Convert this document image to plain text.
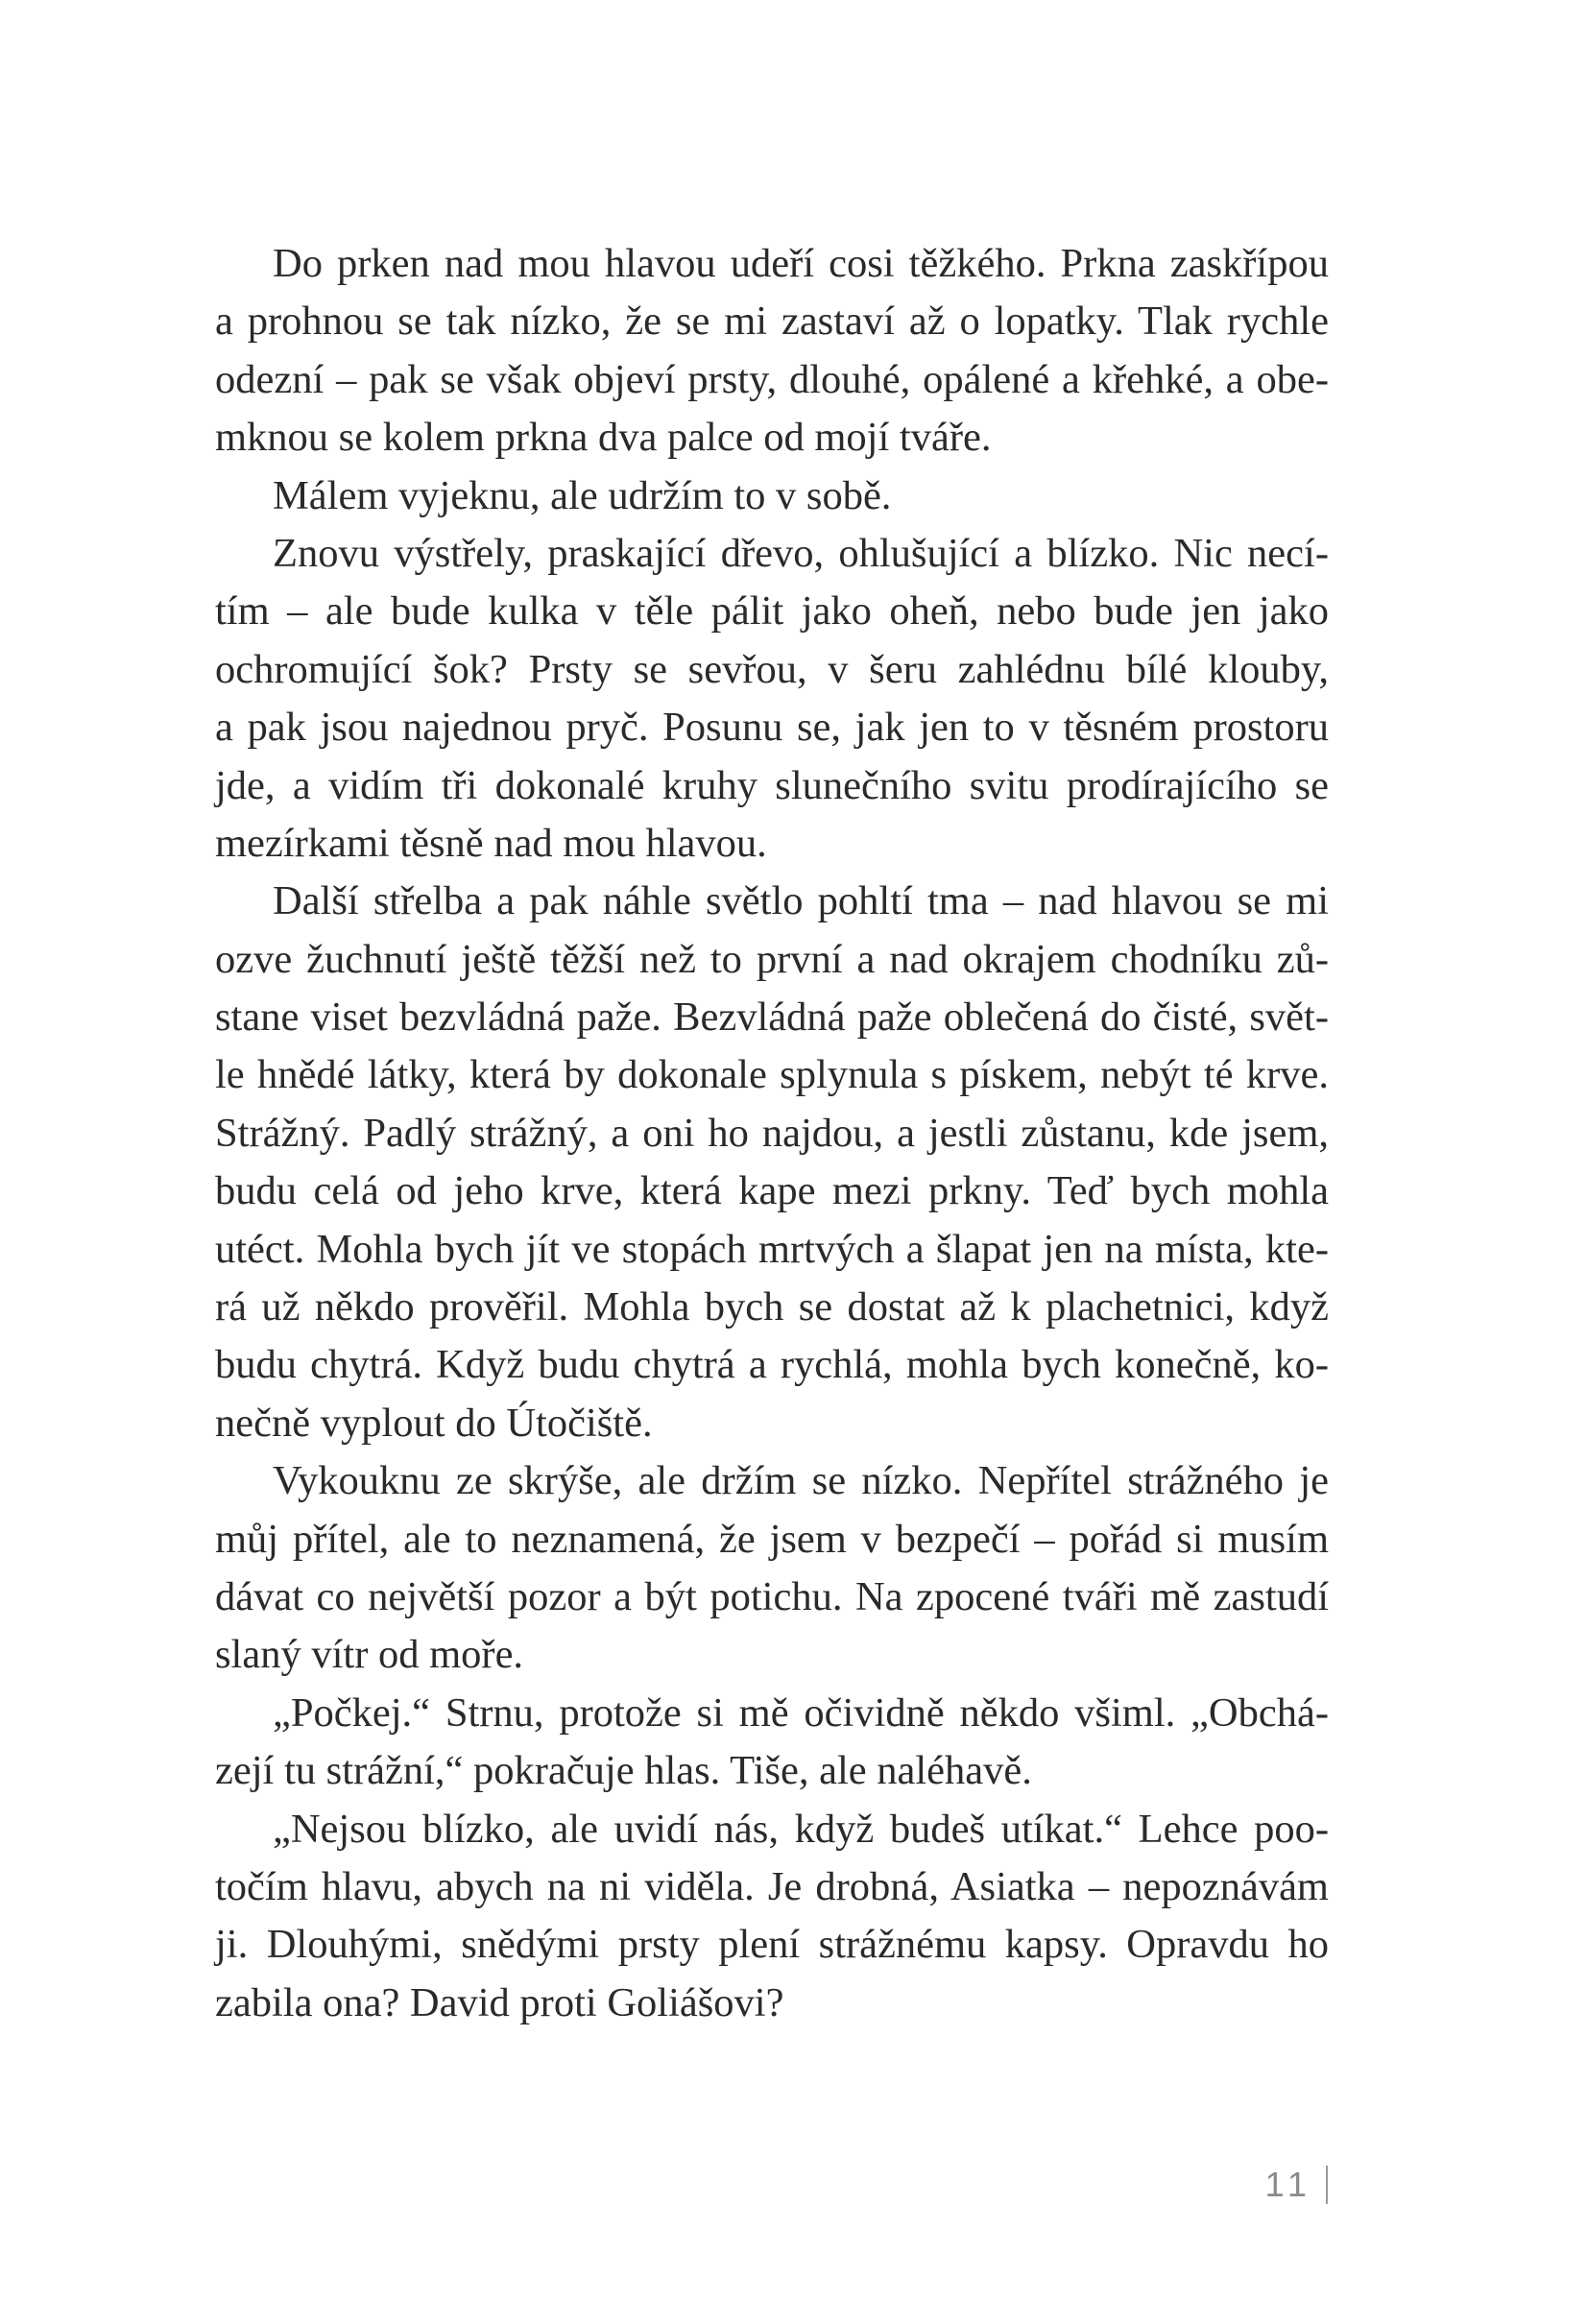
Do prken nad mou hlavou udeří cosi těžkého. Prkna zaskřípou
a prohnou se tak nízko, že se mi zastaví až o lopatky. Tlak rychle
odezní – pak se však objeví prsty, dlouhé, opálené a křehké, a obe-
mknou se kolem prkna dva palce od mojí tváře.
Málem vyjeknu, ale udržím to v sobě.
Znovu výstřely, praskající dřevo, ohlušující a blízko. Nic necí-
tím – ale bude kulka v těle pálit jako oheň, nebo bude jen jako
ochromující šok? Prsty se sevřou, v šeru zahlédnu bílé klouby,
a pak jsou najednou pryč. Posunu se, jak jen to v těsném prostoru
jde, a vidím tři dokonalé kruhy slunečního svitu prodírajícího se
mezírkami těsně nad mou hlavou.
Další střelba a pak náhle světlo pohltí tma – nad hlavou se mi
ozve žuchnutí ještě těžší než to první a nad okrajem chodníku zů-
stane viset bezvládná paže. Bezvládná paže oblečená do čisté, svět-
le hnědé látky, která by dokonale splynula s pískem, nebýt té krve.
Strážný. Padlý strážný, a oni ho najdou, a jestli zůstanu, kde jsem,
budu celá od jeho krve, která kape mezi prkny. Teď bych mohla
utéct. Mohla bych jít ve stopách mrtvých a šlapat jen na místa, kte-
rá už někdo prověřil. Mohla bych se dostat až k plachetnici, když
budu chytrá. Když budu chytrá a rychlá, mohla bych konečně, ko-
nečně vyplout do Útočiště.
Vykouknu ze skrýše, ale držím se nízko. Nepřítel strážného je
můj přítel, ale to neznamená, že jsem v bezpečí – pořád si musím
dávat co největší pozor a být potichu. Na zpocené tváři mě zastudí
slaný vítr od moře.
„Počkej.“ Strnu, protože si mě očividně někdo všiml. „Obchá-
zejí tu strážní,“ pokračuje hlas. Tiše, ale naléhavě.
„Nejsou blízko, ale uvidí nás, když budeš utíkat.“ Lehce poo-
točím hlavu, abych na ni viděla. Je drobná, Asiatka – nepoznávám
ji. Dlouhými, snědými prsty plení strážnému kapsy. Opravdu ho
zabila ona? David proti Goliášovi?
11
